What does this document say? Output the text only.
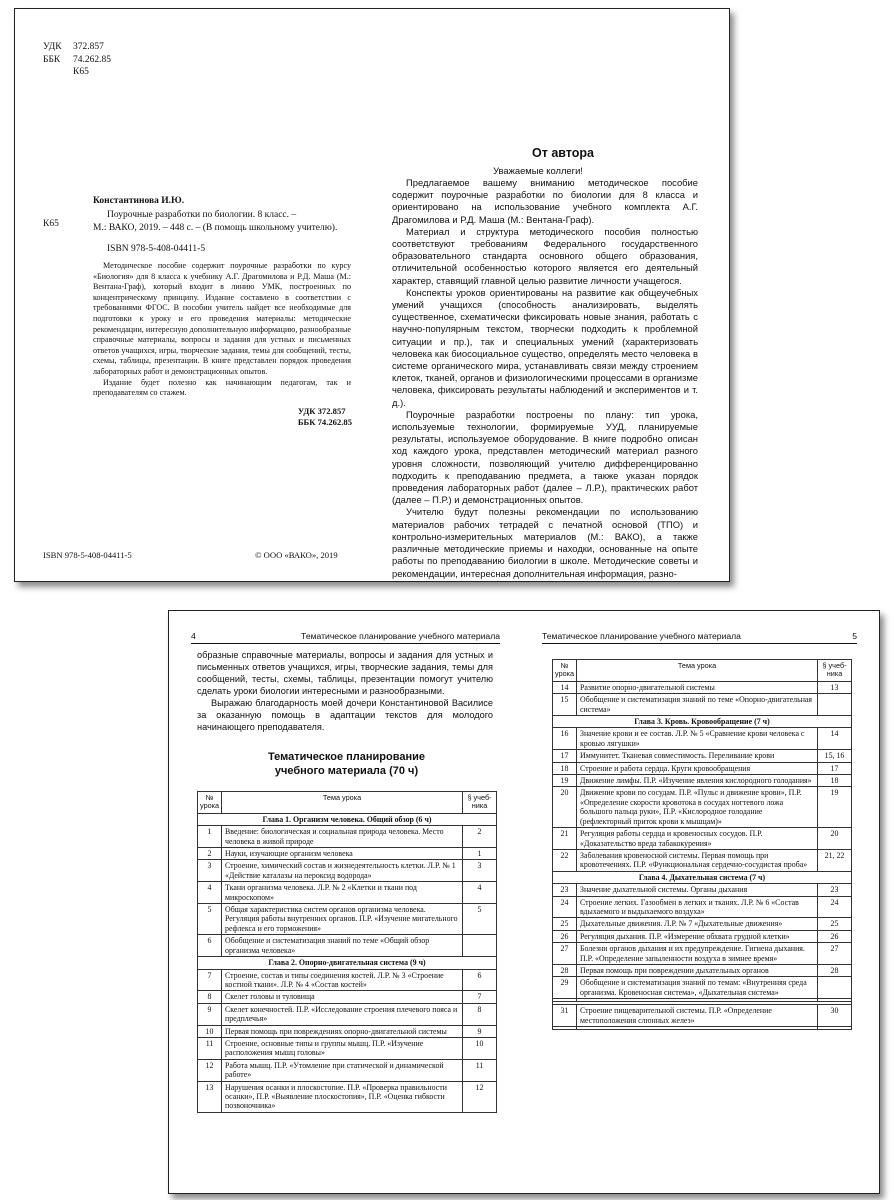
УДК 372.857

ББК 74.262.85

К65

Константинова И.Ю.
К65

Поурочные разработки по биологии. 8 класс. –

М.: ВАКО, 2019. – 448 с. – (В помощь школьному учителю).

ISBN 978-5-408-04411-5

Методическое пособие содержит поурочные разработки по курсу «Биология» для 8 класса к учебнику А.Г. Драгомилова и Р.Д. Маша (М.: Вентана-Граф), который входит в линию УМК, построенных по концентрическому принципу. Издание составлено в соответствии с требованиями ФГОС. В пособии учитель найдет все необходимые для подготовки к уроку и его проведения материалы: методические рекомендации, интересную дополнительную информацию, разнообразные справочные материалы, вопросы и задания для устных и письменных ответов учащихся, игры, творческие задания, темы для сообщений, тесты, схемы, таблицы, презентации. В книге представлен порядок проведения лабораторных работ и демонстрационных опытов.

Издание будет полезно как начинающим педагогам, так и преподавателям со стажем.

УДК 372.857

ББК 74.262.85

ISBN 978-5-408-04411-5	© ООО «ВАКО», 2019
От автора
Уважаемые коллеги!

Предлагаемое вашему вниманию методическое пособие содержит поурочные разработки по биологии для 8 класса и ориентировано на использование учебного комплекта А.Г. Драгомилова и Р.Д. Маша (М.: Вентана-Граф).

Материал и структура методического пособия полностью соответствуют требованиям Федерального государственного образовательного стандарта основного общего образования, отличительной особенностью которого является его деятельный характер, ставящий главной целью развитие личности учащегося.

Конспекты уроков ориентированы на развитие как общеучебных умений учащихся (способность анализировать, выделять существенное, схематически фиксировать новые знания, работать с научно-популярным текстом, творчески подходить к проблемной ситуации и пр.), так и специальных умений (характеризовать человека как биосоциальное существо, определять место человека в системе органического мира, устанавливать связи между строением клеток, тканей, органов и физиологическими процессами в организме человека, фиксировать результаты наблюдений и экспериментов и т. д.).

Поурочные разработки построены по плану: тип урока, используемые технологии, формируемые УУД, планируемые результаты, используемое оборудование. В книге подробно описан ход каждого урока, представлен методический материал разного уровня сложности, позволяющий учителю дифференцированно подходить к преподаванию предмета, а также указан порядок проведения лабораторных работ (далее – Л.Р.), практических работ (далее – П.Р.) и демонстрационных опытов.

Учителю будут полезны рекомендации по использованию материалов рабочих тетрадей с печатной основой (ТПО) и контрольно-измерительных материалов (М.: ВАКО), а также различные методические приемы и находки, основанные на опыте работы по преподаванию биологии в школе. Методические советы и рекомендации, интересная дополнительная информация, разно-

4	Тематическое планирование учебного материала

образные справочные материалы, вопросы и задания для устных и письменных ответов учащихся, игры, творческие задания, темы для сообщений, тесты, схемы, таблицы, презентации помогут учителю сделать уроки биологии интересными и разнообразными.

Выражаю благодарность моей дочери Константиновой Василисе за оказанную помощь в адаптации текстов для молодого начинающего преподавателя.

Тематическое планирование
учебного материала (70 ч)
№ урока	Тема урока	§ учеб-ника
Глава 1. Организм человека. Общий обзор (6 ч)		
1	Введение: биологическая и социальная природа человека. Место человека в живой природе	2
2	Науки, изучающие организм человека	1
3	Строение, химический состав и жизнедеятельность клетки. Л.Р. № 1 «Действие каталазы на пероксид водорода»	3
4	Ткани организма человека. Л.Р. № 2 «Клетки и ткани под микроскопом»	4
5	Общая характеристика систем органов организма человека. Регуляция работы внутренних органов. П.Р. «Изучение мигательного рефлекса и его торможения»	5
6	Обобщение и систематизация знаний по теме «Общий обзор организма человека»	
Глава 2. Опорно-двигательная система (9 ч)		
7	Строение, состав и типы соединения костей. Л.Р. № 3 «Строение костной ткани». Л.Р. № 4 «Состав костей»	6
8	Скелет головы и туловища	7
9	Скелет конечностей. П.Р. «Исследование строения плечевого пояса и предплечья»	8
10	Первая помощь при повреждениях опорно-двигательной системы	9
11	Строение, основные типы и группы мышц. П.Р. «Изучение расположения мышц головы»	10
12	Работа мышц. П.Р. «Утомление при статической и динамической работе»	11
13	Нарушения осанки и плоскостопие. П.Р. «Проверка правильности осанки», П.Р. «Выявление плоскостопия», П.Р. «Оценка гибкости позвоночника»	12
Тематическое планирование учебного материала	5
№ урока	Тема урока	§ учеб-ника
14	Развитие опорно-двигательной системы	13
15	Обобщение и систематизация знаний по теме «Опорно-двигательная система»	
Глава 3. Кровь. Кровообращение (7 ч)		
16	Значение крови и ее состав. Л.Р. № 5 «Сравнение крови человека с кровью лягушки»	14
17	Иммунитет. Тканевая совместимость. Переливание крови	15, 16
18	Строение и работа сердца. Круги кровообращения	17
19	Движение лимфы. П.Р. «Изучение явления кислородного голодания»	18
20	Движение крови по сосудам. П.Р. «Пульс и движение крови», П.Р. «Определение скорости кровотока в сосудах ногтевого ложа большого пальца руки», П.Р. «Кислородное голодание (рефлекторный приток крови к мышцам)»	19
21	Регуляция работы сердца и кровеносных сосудов. П.Р. «Доказательство вреда табакокурения»	20
22	Заболевания кровеносной системы. Первая помощь при кровотечениях. П.Р. «Функциональная сердечно-сосудистая проба»	21, 22
Глава 4. Дыхательная система (7 ч)		
23	Значение дыхательной системы. Органы дыхания	23
24	Строение легких. Газообмен в легких и тканях. Л.Р. № 6 «Состав вдыхаемого и выдыхаемого воздуха»	24
25	Дыхательные движения. Л.Р. № 7 «Дыхательные движения»	25
26	Регуляция дыхания. П.Р. «Измерение обхвата грудной клетки»	26
27	Болезни органов дыхания и их предупреждение. Гигиена дыхания. П.Р. «Определение запыленности воздуха в зимнее время»	27
28	Первая помощь при повреждении дыхательных органов	28
29	Обобщение и систематизация знаний по темам: «Внутренняя среда организма. Кровеносная система», «Дыхательная система»	

31	Строение пищеварительной системы. П.Р. «Определение местоположения слюнных желез»	30
